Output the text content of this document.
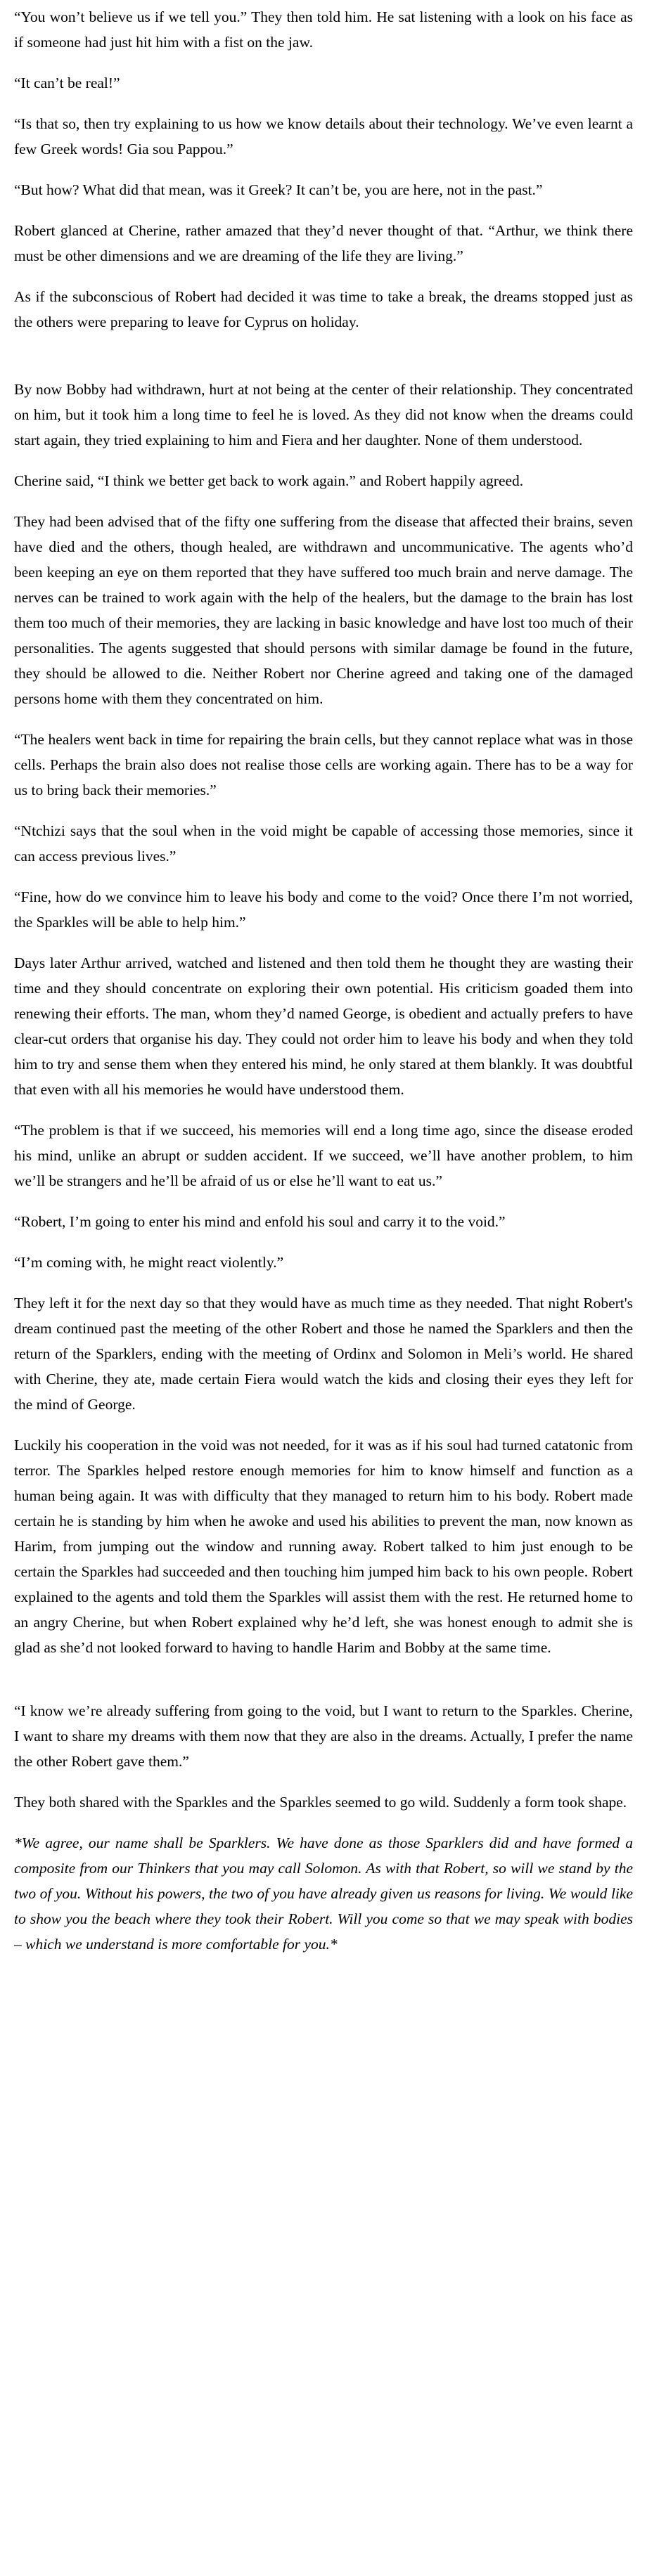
“You won’t believe us if we tell you.” They then told him. He sat listening with a look on his face as if someone had just hit him with a fist on the jaw.

“It can’t be real!”

“Is that so, then try explaining to us how we know details about their technology. We’ve even learnt a few Greek words! Gia sou Pappou.”

“But how? What did that mean, was it Greek? It can’t be, you are here, not in the past.”

Robert glanced at Cherine, rather amazed that they’d never thought of that. “Arthur, we think there must be other dimensions and we are dreaming of the life they are living.”

As if the subconscious of Robert had decided it was time to take a break, the dreams stopped just as the others were preparing to leave for Cyprus on holiday.

By now Bobby had withdrawn, hurt at not being at the center of their relationship. They concentrated on him, but it took him a long time to feel he is loved. As they did not know when the dreams could start again, they tried explaining to him and Fiera and her daughter. None of them understood.

Cherine said, “I think we better get back to work again.” and Robert happily agreed.

They had been advised that of the fifty one suffering from the disease that affected their brains, seven have died and the others, though healed, are withdrawn and uncommunicative. The agents who’d been keeping an eye on them reported that they have suffered too much brain and nerve damage. The nerves can be trained to work again with the help of the healers, but the damage to the brain has lost them too much of their memories, they are lacking in basic knowledge and have lost too much of their personalities. The agents suggested that should persons with similar damage be found in the future, they should be allowed to die. Neither Robert nor Cherine agreed and taking one of the damaged persons home with them they concentrated on him.

“The healers went back in time for repairing the brain cells, but they cannot replace what was in those cells. Perhaps the brain also does not realise those cells are working again. There has to be a way for us to bring back their memories.”

“Ntchizi says that the soul when in the void might be capable of accessing those memories, since it can access previous lives.”

“Fine, how do we convince him to leave his body and come to the void? Once there I’m not worried, the Sparkles will be able to help him.”

Days later Arthur arrived, watched and listened and then told them he thought they are wasting their time and they should concentrate on exploring their own potential. His criticism goaded them into renewing their efforts. The man, whom they’d named George, is obedient and actually prefers to have clear-cut orders that organise his day. They could not order him to leave his body and when they told him to try and sense them when they entered his mind, he only stared at them blankly. It was doubtful that even with all his memories he would have understood them.

“The problem is that if we succeed, his memories will end a long time ago, since the disease eroded his mind, unlike an abrupt or sudden accident. If we succeed, we’ll have another problem, to him we’ll be strangers and he’ll be afraid of us or else he’ll want to eat us.”

“Robert, I’m going to enter his mind and enfold his soul and carry it to the void.”

“I’m coming with, he might react violently.”

They left it for the next day so that they would have as much time as they needed. That night Robert's dream continued past the meeting of the other Robert and those he named the Sparklers and then the return of the Sparklers, ending with the meeting of Ordinx and Solomon in Meli’s world. He shared with Cherine, they ate, made certain Fiera would watch the kids and closing their eyes they left for the mind of George.

Luckily his cooperation in the void was not needed, for it was as if his soul had turned catatonic from terror. The Sparkles helped restore enough memories for him to know himself and function as a human being again. It was with difficulty that they managed to return him to his body. Robert made certain he is standing by him when he awoke and used his abilities to prevent the man, now known as Harim, from jumping out the window and running away. Robert talked to him just enough to be certain the Sparkles had succeeded and then touching him jumped him back to his own people. Robert explained to the agents and told them the Sparkles will assist them with the rest. He returned home to an angry Cherine, but when Robert explained why he’d left, she was honest enough to admit she is glad as she’d not looked forward to having to handle Harim and Bobby at the same time.

“I know we’re already suffering from going to the void, but I want to return to the Sparkles. Cherine, I want to share my dreams with them now that they are also in the dreams. Actually, I prefer the name the other Robert gave them.”

They both shared with the Sparkles and the Sparkles seemed to go wild. Suddenly a form took shape.

*We agree, our name shall be Sparklers. We have done as those Sparklers did and have formed a composite from our Thinkers that you may call Solomon. As with that Robert, so will we stand by the two of you. Without his powers, the two of you have already given us reasons for living. We would like to show you the beach where they took their Robert. Will you come so that we may speak with bodies – which we understand is more comfortable for you.*
